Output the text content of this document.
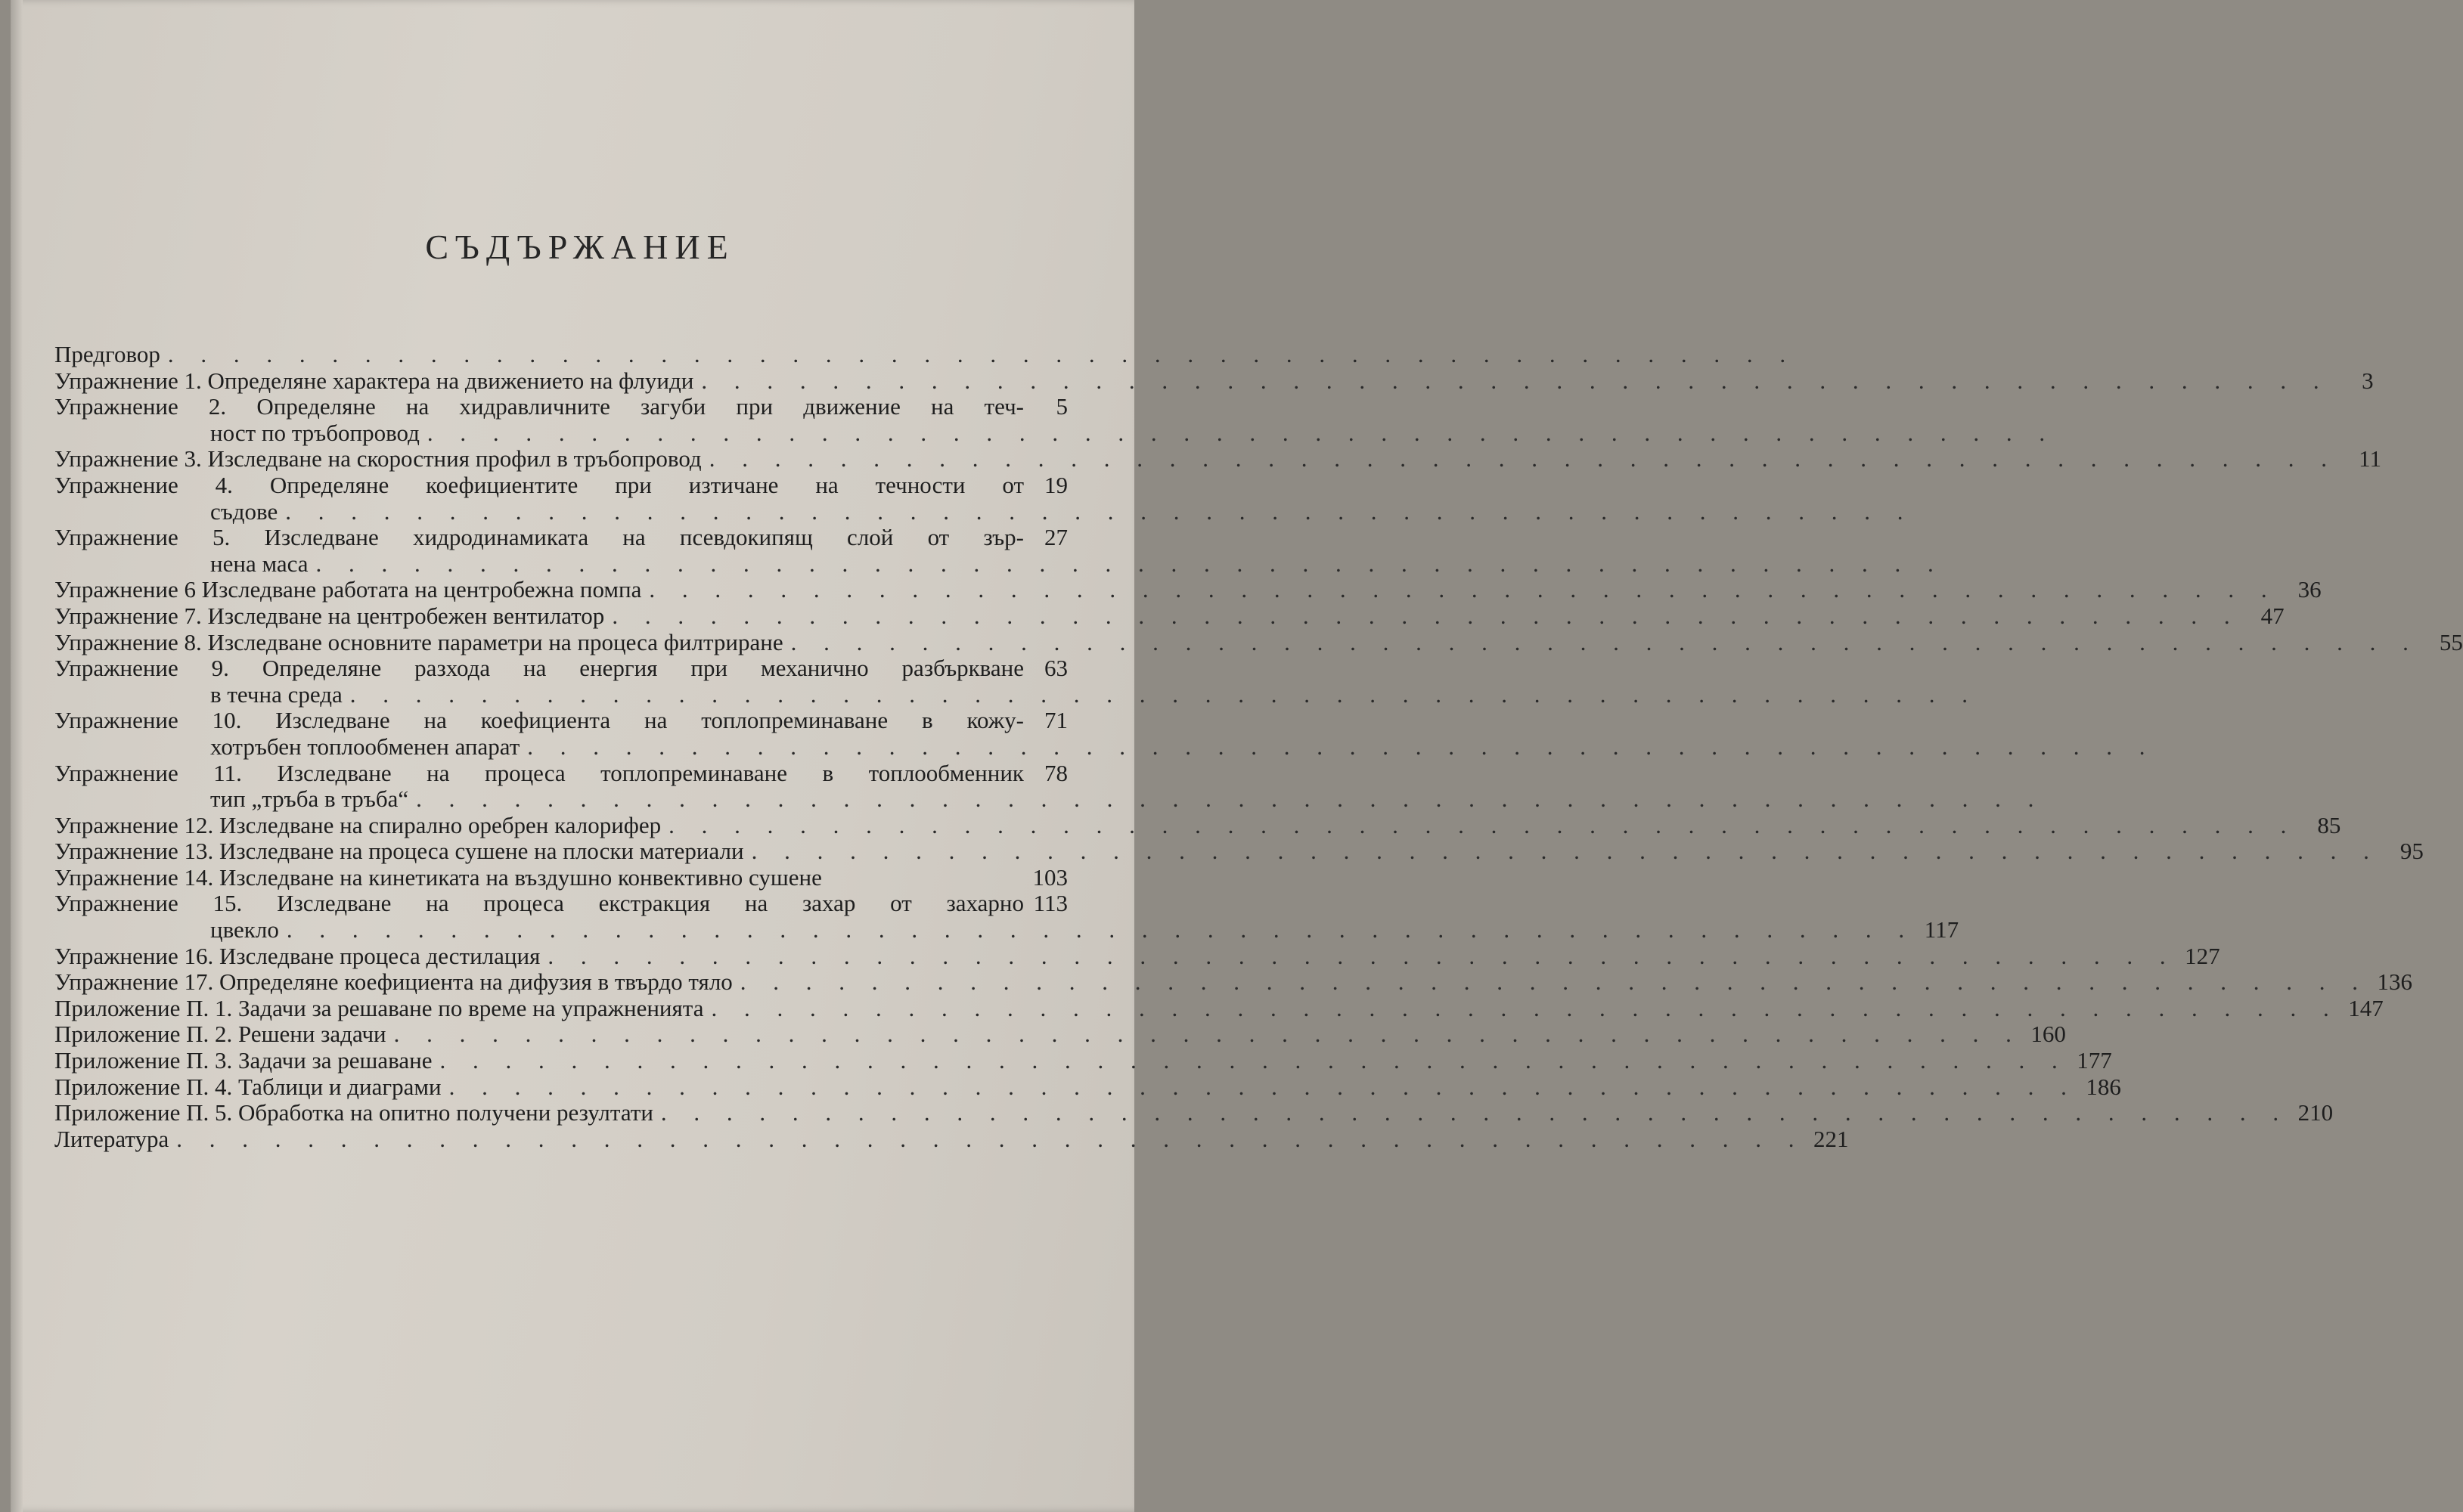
СЪДЪРЖАНИЕ
Предговор . . . . . . . . . . . . . . . . . . . . . . . . . . . . . . . . . . . . . . . . . . . . . . . . . .
Упражнение 1. Определяне характера на движението на флуиди . . . . . . . . . . . . . . . . . . . . . . . . . . . . . . . . . . . . . . . . . . . . . . . . . .	3
Упражнение 2. Определяне на хидравличните загуби при движение на теч-	5
ност по тръбопровод . . . . . . . . . . . . . . . . . . . . . . . . . . . . . . . . . . . . . . . . . . . . . . . . . .
Упражнение 3. Изследване на скоростния профил в тръбопровод . . . . . . . . . . . . . . . . . . . . . . . . . . . . . . . . . . . . . . . . . . . . . . . . . . 11
Упражнение 4. Определяне коефициентите при изтичане на течности от 19
съдове . . . . . . . . . . . . . . . . . . . . . . . . . . . . . . . . . . . . . . . . . . . . . . . . . .
Упражнение 5. Изследване хидродинамиката на псевдокипящ слой от зър- 27
нена маса . . . . . . . . . . . . . . . . . . . . . . . . . . . . . . . . . . . . . . . . . . . . . . . . . .
Упражнение 6 Изследване работата на центробежна помпа . . . . . . . . . . . . . . . . . . . . . . . . . . . . . . . . . . . . . . . . . . . . . . . . . . 36
Упражнение 7. Изследване на центробежен вентилатор . . . . . . . . . . . . . . . . . . . . . . . . . . . . . . . . . . . . . . . . . . . . . . . . . . 47
Упражнение 8. Изследване основните параметри на процеса филтриране . . . . . . . . . . . . . . . . . . . . . . . . . . . . . . . . . . . . . . . . . . . . . . . . . . 55
Упражнение 9. Определяне разхода на енергия при механично разбъркване 63
в течна среда . . . . . . . . . . . . . . . . . . . . . . . . . . . . . . . . . . . . . . . . . . . . . . . . . .
Упражнение 10. Изследване на коефициента на топлопреминаване в кожу- 71
хотръбен топлообменен апарат . . . . . . . . . . . . . . . . . . . . . . . . . . . . . . . . . . . . . . . . . . . . . . . . . .
Упражнение 11. Изследване на процеса топлопреминаване в топлообменник 78
тип „тръба в тръба“ . . . . . . . . . . . . . . . . . . . . . . . . . . . . . . . . . . . . . . . . . . . . . . . . . .
Упражнение 12. Изследване на спирално оребрен калорифер . . . . . . . . . . . . . . . . . . . . . . . . . . . . . . . . . . . . . . . . . . . . . . . . . . 85
Упражнение 13. Изследване на процеса сушене на плоски материали . . . . . . . . . . . . . . . . . . . . . . . . . . . . . . . . . . . . . . . . . . . . . . . . . . 95
Упражнение 14. Изследване на кинетиката на въздушно конвективно сушене	103
Упражнение 15. Изследване на процеса екстракция на захар от захарно 113
цвекло . . . . . . . . . . . . . . . . . . . . . . . . . . . . . . . . . . . . . . . . . . . . . . . . . . 117
Упражнение 16. Изследване процеса дестилация . . . . . . . . . . . . . . . . . . . . . . . . . . . . . . . . . . . . . . . . . . . . . . . . . . 127
Упражнение 17. Определяне коефициента на дифузия в твърдо тяло . . . . . . . . . . . . . . . . . . . . . . . . . . . . . . . . . . . . . . . . . . . . . . . . . . 136
Приложение П. 1. Задачи за решаване по време на упражненията . . . . . . . . . . . . . . . . . . . . . . . . . . . . . . . . . . . . . . . . . . . . . . . . . . 147
Приложение П. 2. Решени задачи . . . . . . . . . . . . . . . . . . . . . . . . . . . . . . . . . . . . . . . . . . . . . . . . . . 160
Приложение П. 3. Задачи за решаване . . . . . . . . . . . . . . . . . . . . . . . . . . . . . . . . . . . . . . . . . . . . . . . . . . 177
Приложение П. 4. Таблици и диаграми . . . . . . . . . . . . . . . . . . . . . . . . . . . . . . . . . . . . . . . . . . . . . . . . . . 186
Приложение П. 5. Обработка на опитно получени резултати . . . . . . . . . . . . . . . . . . . . . . . . . . . . . . . . . . . . . . . . . . . . . . . . . . 210
Литература . . . . . . . . . . . . . . . . . . . . . . . . . . . . . . . . . . . . . . . . . . . . . . . . . . 221
